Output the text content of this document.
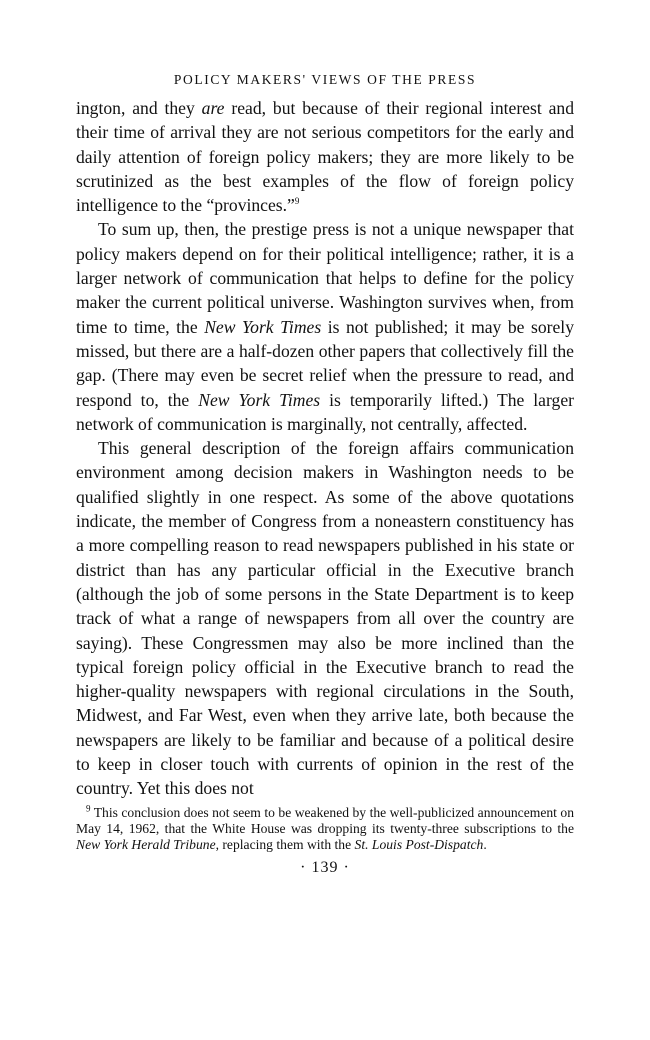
POLICY MAKERS' VIEWS OF THE PRESS

ington, and they are read, but because of their regional interest and their time of arrival they are not serious competitors for the early and daily attention of foreign policy makers; they are more likely to be scrutinized as the best examples of the flow of foreign policy intelligence to the “provinces.”$^9$

To sum up, then, the prestige press is not a unique newspaper that policy makers depend on for their political intelligence; rather, it is a larger network of communication that helps to define for the policy maker the current political universe. Washington survives when, from time to time, the New York Times is not published; it may be sorely missed, but there are a half-dozen other papers that collectively fill the gap. (There may even be secret relief when the pressure to read, and respond to, the New York Times is temporarily lifted.) The larger network of communication is marginally, not centrally, affected.

This general description of the foreign affairs communication environment among decision makers in Washington needs to be qualified slightly in one respect. As some of the above quotations indicate, the member of Congress from a noneastern constituency has a more compelling reason to read newspapers published in his state or district than has any particular official in the Executive branch (although the job of some persons in the State Department is to keep track of what a range of newspapers from all over the country are saying). These Congressmen may also be more inclined than the typical foreign policy official in the Executive branch to read the higher-quality newspapers with regional circulations in the South, Midwest, and Far West, even when they arrive late, both because the newspapers are likely to be familiar and because of a political desire to keep in closer touch with currents of opinion in the rest of the country. Yet this does not

$^9$ This conclusion does not seem to be weakened by the well-publicized announcement on May 14, 1962, that the White House was dropping its twenty-three subscriptions to the New York Herald Tribune, replacing them with the St. Louis Post-Dispatch.
· 139 ·
